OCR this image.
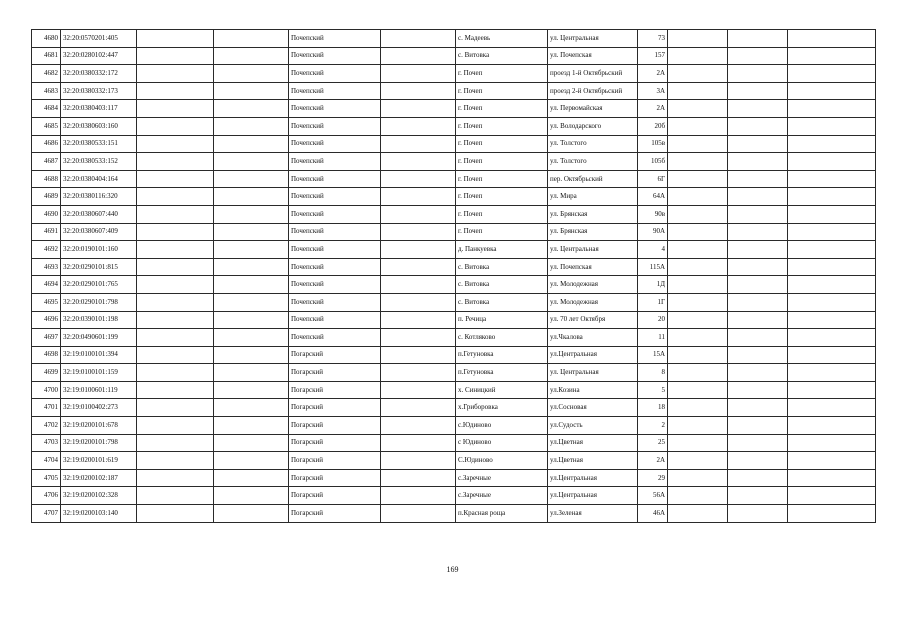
4680	32:20:0570201:405			Почепский		с. Мадеевь	ул. Центральная	73			
4681	32:20:0280102:447			Почепский		с. Витовка	ул. Почепская	157			
4682	32:20:0380332:172			Почепский		г. Почеп	проезд 1-й Октябрьский	2А			
4683	32:20:0380332:173			Почепский		г. Почеп	проезд 2-й Октябрьский	3А			
4684	32:20:0380403:117			Почепский		г. Почеп	ул. Первомайская	2А			
4685	32:20:0380603:160			Почепский		г. Почеп	ул. Володарского	20б			
4686	32:20:0380533:151			Почепский		г. Почеп	ул. Толстого	105в			
4687	32:20:0380533:152			Почепский		г. Почеп	ул. Толстого	105б			
4688	32:20:0380404:164			Почепский		г. Почеп	пер. Октябрьский	6Г			
4689	32:20:0380116:320			Почепский		г. Почеп	ул. Мира	64А			
4690	32:20:0380607:440			Почепский		г. Почеп	ул. Брянская	90в			
4691	32:20:0380607:409			Почепский		г. Почеп	ул. Брянская	90А			
4692	32:20:0190101:160			Почепский		д. Панкуевка	ул. Центральная	4			
4693	32:20:0290101:815			Почепский		с. Витовка	ул. Почепская	115А			
4694	32:20:0290101:765			Почепский		с. Витовка	ул. Молодежная	1Д			
4695	32:20:0290101:798			Почепский		с. Витовка	ул. Молодежная	1Г			
4696	32:20:0390101:198			Почепский		п. Речица	ул. 70 лет Октября	20			
4697	32:20:0490601:199			Почепский		с. Котляково	ул.Чкалова	11			
4698	32:19:0100101:394			Погарский		п.Гетуновка	ул.Центральная	15А			
4699	32:19:0100101:159			Погарский		п.Гетуновка	ул. Центральная	8			
4700	32:19:0100601:119			Погарский		х. Синицкий	ул.Козина	5			
4701	32:19:0100402:273			Погарский		х.Гриборовка	ул.Сосновая	18			
4702	32:19:0200101:678			Погарский		с.Юдиново	ул.Судость	2			
4703	32:19:0200101:798			Погарский		с Юдиново	ул.Цветная	25			
4704	32:19:0200101:619			Погарский		С.Юдиново	ул.Цветная	2А			
4705	32:19:0200102:187			Погарский		с.Заречные	ул.Центральная	29			
4706	32:19:0200102:328			Погарский		с.Заречные	ул.Центральная	56А			
4707	32:19:0200103:140			Погарский		п.Красная роща	ул.Зеленая	46А			
169
